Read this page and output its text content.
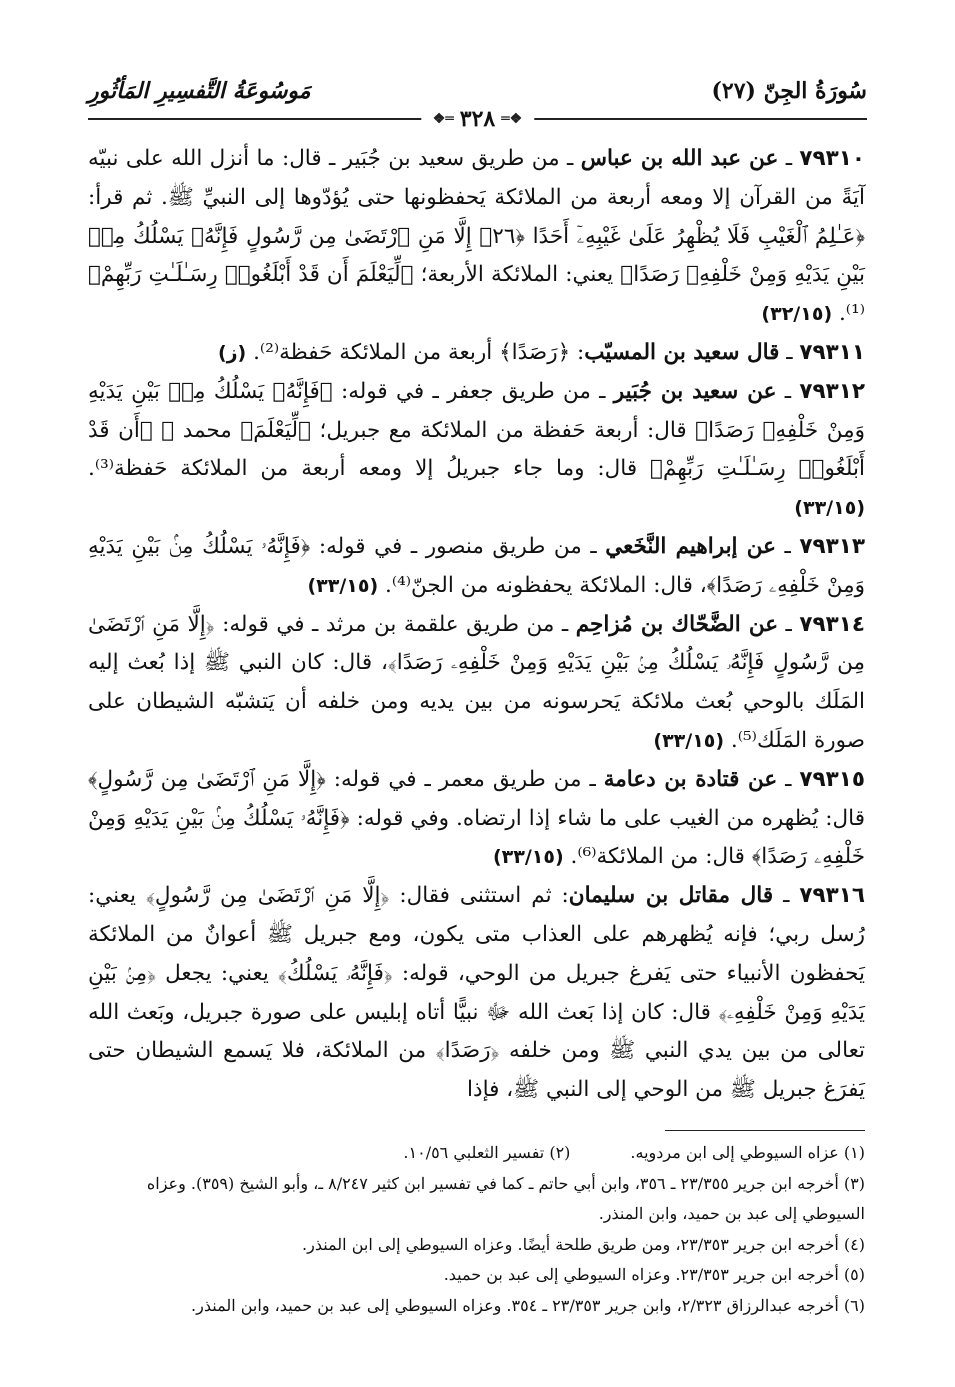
سُورَةُ الجِنّ (٢٧)
مَوسُوعَةُ التَّفسِيرِ المَأثُورِ
❖═
٣٢٨
═❖

٧٩٣١٠ ـ عن عبد الله بن عباس ـ من طريق سعيد بن جُبَير ـ قال: ما أنزل الله على نبيّه آيَةً من القرآن إلا ومعه أربعة من الملائكة يَحفظونها حتى يُؤدّوها إلى النبيِّ ﷺ. ثم قرأ: ﴿عَـٰلِمُ ٱلْغَيْبِ فَلَا يُظْهِرُ عَلَىٰ غَيْبِهِۦٓ أَحَدًا ﴿٢٦﴾ إِلَّا مَنِ ٱرْتَضَىٰ مِن رَّسُولٍ فَإِنَّهُۥ يَسْلُكُ مِنۢ بَيْنِ يَدَيْهِ وَمِنْ خَلْفِهِۦ رَصَدًا﴾ يعني: الملائكة الأربعة؛ ﴿لِّيَعْلَمَ أَن قَدْ أَبْلَغُوا۟ رِسَـٰلَـٰتِ رَبِّهِمْ﴾⁽¹⁾. (٣٢/١٥)

٧٩٣١١ ـ قال سعيد بن المسيّب: ﴿رَصَدًا﴾ أربعة من الملائكة حَفظة⁽²⁾. (ز)

٧٩٣١٢ ـ عن سعيد بن جُبَير ـ من طريق جعفر ـ في قوله: ﴿فَإِنَّهُۥ يَسْلُكُ مِنۢ بَيْنِ يَدَيْهِ وَمِنْ خَلْفِهِۦ رَصَدًا﴾ قال: أربعة حَفظة من الملائكة مع جبريل؛ ﴿لِّيَعْلَمَ﴾ محمد ﷺ ﴿أَن قَدْ أَبْلَغُوا۟ رِسَـٰلَـٰتِ رَبِّهِمْ﴾ قال: وما جاء جبريلُ إلا ومعه أربعة من الملائكة حَفظة⁽³⁾. (٣٣/١٥)

٧٩٣١٣ ـ عن إبراهيم النَّخَعي ـ من طريق منصور ـ في قوله: ﴿فَإِنَّهُۥ يَسْلُكُ مِنۢ بَيْنِ يَدَيْهِ وَمِنْ خَلْفِهِۦ رَصَدًا﴾، قال: الملائكة يحفظونه من الجنّ⁽⁴⁾. (٣٣/١٥)

٧٩٣١٤ ـ عن الضَّحّاك بن مُزاحِم ـ من طريق علقمة بن مرثد ـ في قوله: ﴿إِلَّا مَنِ ٱرْتَضَىٰ مِن رَّسُولٍ فَإِنَّهُۥ يَسْلُكُ مِنۢ بَيْنِ يَدَيْهِ وَمِنْ خَلْفِهِۦ رَصَدًا﴾، قال: كان النبي ﷺ إذا بُعث إليه المَلَك بالوحي بُعث ملائكة يَحرسونه من بين يديه ومن خلفه أن يَتشبّه الشيطان على صورة المَلَك⁽⁵⁾. (٣٣/١٥)

٧٩٣١٥ ـ عن قتادة بن دعامة ـ من طريق معمر ـ في قوله: ﴿إِلَّا مَنِ ٱرْتَضَىٰ مِن رَّسُولٍ﴾ قال: يُظهره من الغيب على ما شاء إذا ارتضاه. وفي قوله: ﴿فَإِنَّهُۥ يَسْلُكُ مِنۢ بَيْنِ يَدَيْهِ وَمِنْ خَلْفِهِۦ رَصَدًا﴾ قال: من الملائكة⁽⁶⁾. (٣٣/١٥)

٧٩٣١٦ ـ قال مقاتل بن سليمان: ثم استثنى فقال: ﴿إِلَّا مَنِ ٱرْتَضَىٰ مِن رَّسُولٍ﴾ يعني: رُسل ربي؛ فإنه يُظهرهم على العذاب متى يكون، ومع جبريل ﷺ أعوانٌ من الملائكة يَحفظون الأنبياء حتى يَفرغ جبريل من الوحي، قوله: ﴿فَإِنَّهُۥ يَسْلُكُ﴾ يعني: يجعل ﴿مِنۢ بَيْنِ يَدَيْهِ وَمِنْ خَلْفِهِۦ﴾ قال: كان إذا بَعث الله ﷻ نبيًّا أتاه إبليس على صورة جبريل، وبَعث الله تعالى من بين يدي النبي ﷺ ومن خلفه ﴿رَصَدًا﴾ من الملائكة، فلا يَسمع الشيطان حتى يَفرَغ جبريل ﷺ من الوحي إلى النبي ﷺ، فإذا

(١) عزاه السيوطي إلى ابن مردويه.

(٢) تفسير الثعلبي ١٠/٥٦.

(٣) أخرجه ابن جرير ٢٣/٣٥٥ ـ ٣٥٦، وابن أبي حاتم ـ كما في تفسير ابن كثير ٨/٢٤٧ ـ، وأبو الشيخ (٣٥٩). وعزاه السيوطي إلى عبد بن حميد، وابن المنذر.

(٤) أخرجه ابن جرير ٢٣/٣٥٣، ومن طريق طلحة أيضًا. وعزاه السيوطي إلى ابن المنذر.

(٥) أخرجه ابن جرير ٢٣/٣٥٣. وعزاه السيوطي إلى عبد بن حميد.

(٦) أخرجه عبدالرزاق ٢/٣٢٣، وابن جرير ٢٣/٣٥٣ ـ ٣٥٤. وعزاه السيوطي إلى عبد بن حميد، وابن المنذر.
